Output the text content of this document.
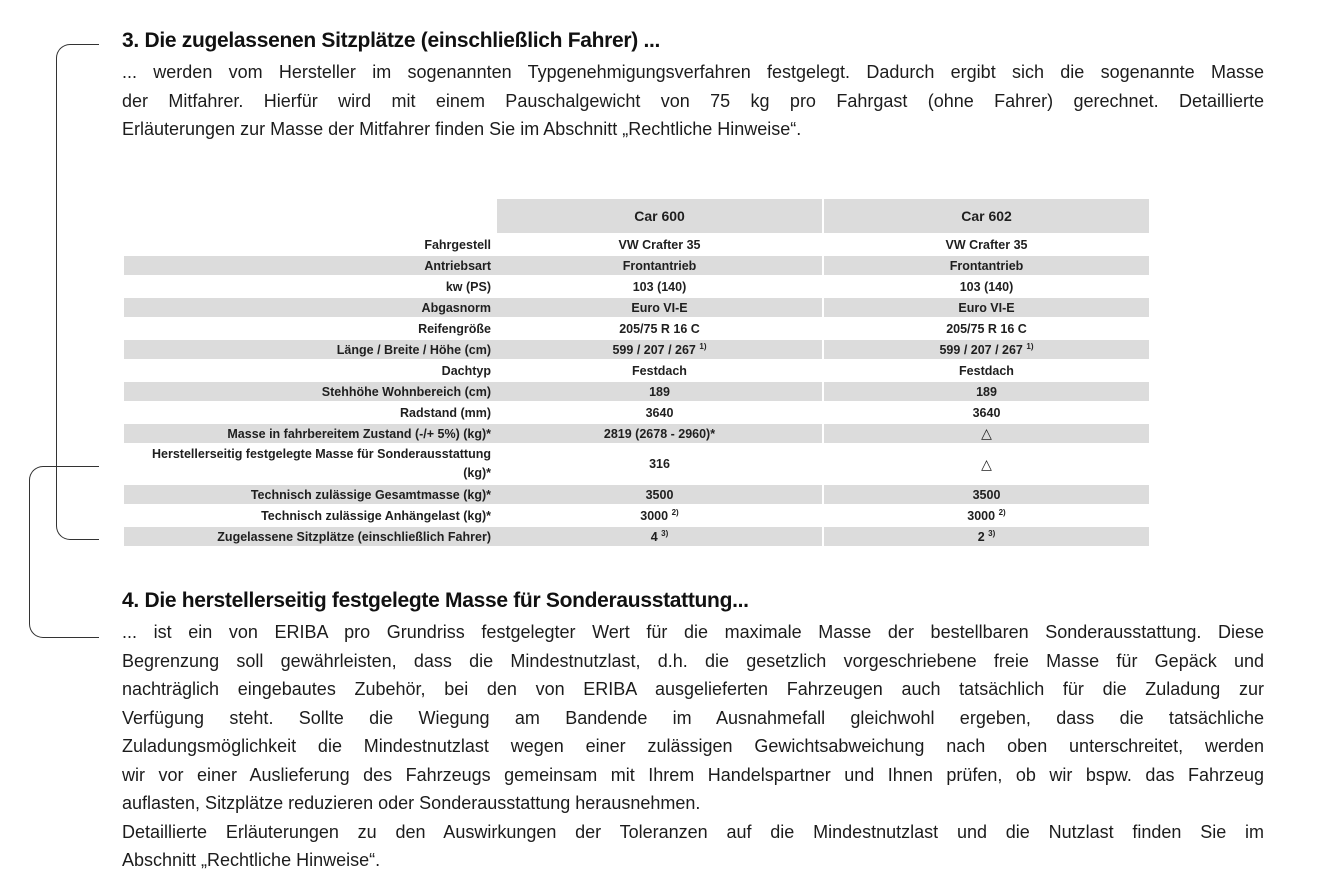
3. Die zugelassenen Sitzplätze (einschließlich Fahrer) ...

... werden vom Hersteller im sogenannten Typgenehmigungsverfahren festgelegt. Dadurch ergibt sich die sogenannte Masse
der Mitfahrer. Hierfür wird mit einem Pauschalgewicht von 75 kg pro Fahrgast (ohne Fahrer) gerechnet. Detaillierte
Erläuterungen zur Masse der Mitfahrer finden Sie im Abschnitt „Rechtliche Hinweise“.

	Car 600		Car 602
Fahrgestell	VW Crafter 35		VW Crafter 35
Antriebsart	Frontantrieb		Frontantrieb
kw (PS)	103 (140)		103 (140)
Abgasnorm	Euro VI-E		Euro VI-E
Reifengröße	205/75 R 16 C		205/75 R 16 C
Länge / Breite / Höhe (cm)	599 / 207 / 267 $^{1)}$		599 / 207 / 267 $^{1)}$
Dachtyp	Festdach		Festdach
Stehhöhe Wohnbereich (cm)	189		189
Radstand (mm)	3640		3640
Masse in fahrbereitem Zustand (-/+ 5%) (kg)*	2819 (2678 - 2960)*		△
Herstellerseitig festgelegte Masse für Sonderausstattung
(kg)*	316		△
Technisch zulässige Gesamtmasse (kg)*	3500		3500
Technisch zulässige Anhängelast (kg)*	3000 $^{2)}$		3000 $^{2)}$
Zugelassene Sitzplätze (einschließlich Fahrer)	4 $^{3)}$		2 $^{3)}$
4. Die herstellerseitig festgelegte Masse für Sonderausstattung...

... ist ein von ERIBA pro Grundriss festgelegter Wert für die maximale Masse der bestellbaren Sonderausstattung. Diese
Begrenzung soll gewährleisten, dass die Mindestnutzlast, d.h. die gesetzlich vorgeschriebene freie Masse für Gepäck und
nachträglich eingebautes Zubehör, bei den von ERIBA ausgelieferten Fahrzeugen auch tatsächlich für die Zuladung zur
Verfügung steht. Sollte die Wiegung am Bandende im Ausnahmefall gleichwohl ergeben, dass die tatsächliche
Zuladungsmöglichkeit die Mindestnutzlast wegen einer zulässigen Gewichtsabweichung nach oben unterschreitet, werden
wir vor einer Auslieferung des Fahrzeugs gemeinsam mit Ihrem Handelspartner und Ihnen prüfen, ob wir bspw. das Fahrzeug
auflasten, Sitzplätze reduzieren oder Sonderausstattung herausnehmen.
Detaillierte Erläuterungen zu den Auswirkungen der Toleranzen auf die Mindestnutzlast und die Nutzlast finden Sie im
Abschnitt „Rechtliche Hinweise“.
